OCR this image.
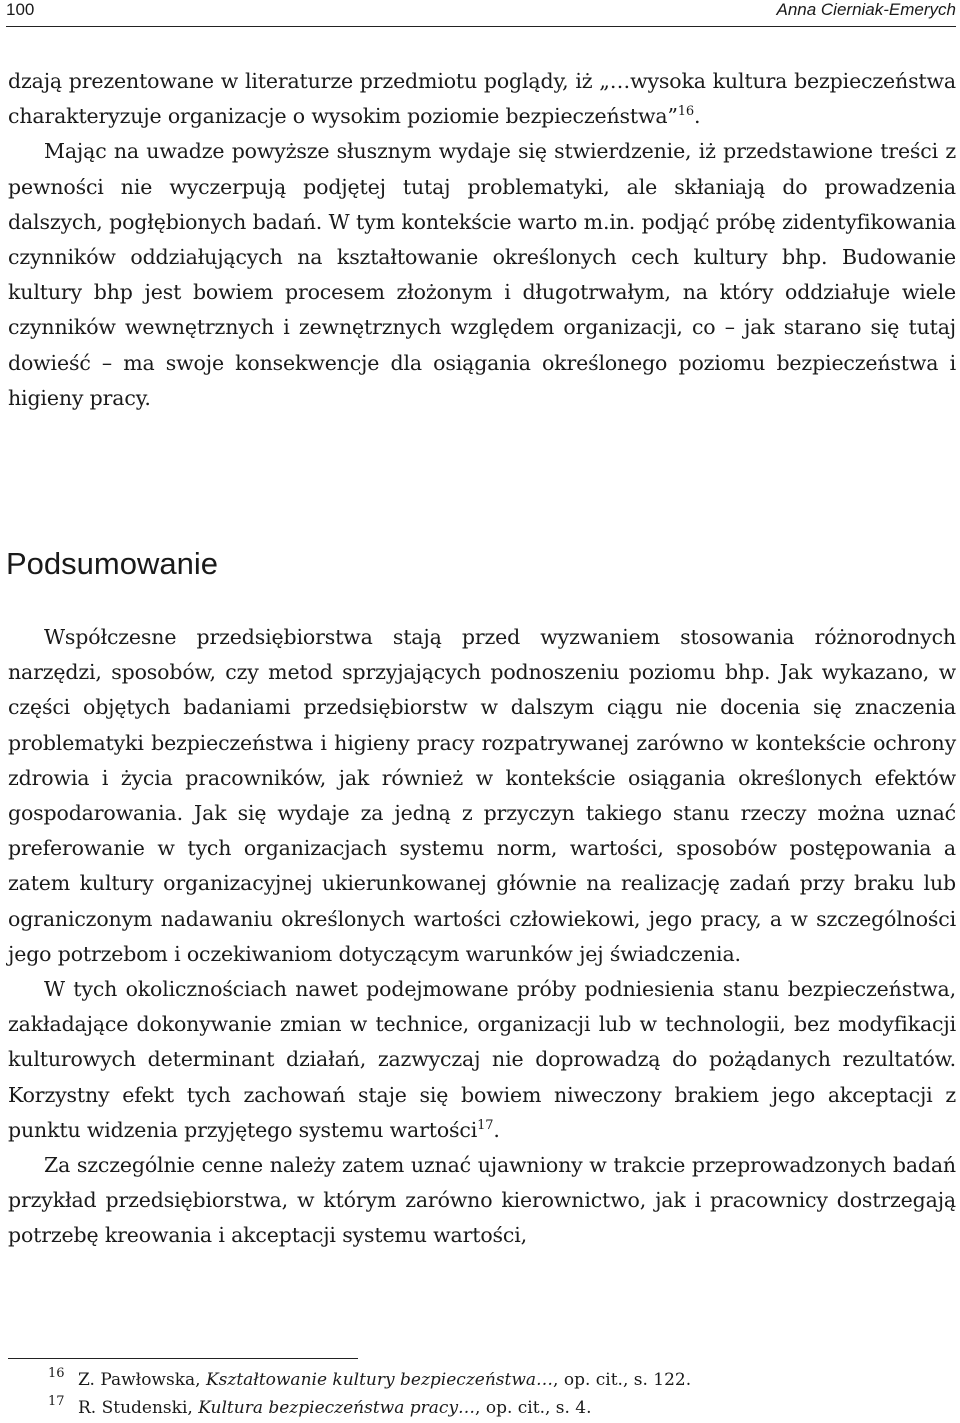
100	Anna Cierniak-Emerych

dzają prezentowane w literaturze przedmiotu poglądy, iż „…wysoka kultura bezpieczeństwa charakteryzuje organizacje o wysokim poziomie bezpieczeństwa”$^{16}$.

Mając na uwadze powyższe słusznym wydaje się stwierdzenie, iż przedstawione treści z pewności nie wyczerpują podjętej tutaj problematyki, ale skłaniają do prowadzenia dalszych, pogłębionych badań. W tym kontekście warto m.in. podjąć próbę zidentyfikowania czynników oddziałujących na kształtowanie określonych cech kultury bhp. Budowanie kultury bhp jest bowiem procesem złożonym i długotrwałym, na który oddziałuje wiele czynników wewnętrznych i zewnętrznych względem organizacji, co – jak starano się tutaj dowieść – ma swoje konsekwencje dla osiągania określonego poziomu bezpieczeństwa i higieny pracy.

Podsumowanie

Współczesne przedsiębiorstwa stają przed wyzwaniem stosowania różnorodnych narzędzi, sposobów, czy metod sprzyjających podnoszeniu poziomu bhp. Jak wykazano, w części objętych badaniami przedsiębiorstw w dalszym ciągu nie docenia się znaczenia problematyki bezpieczeństwa i higieny pracy rozpatrywanej zarówno w kontekście ochrony zdrowia i życia pracowników, jak również w kontekście osiągania określonych efektów gospodarowania. Jak się wydaje za jedną z przyczyn takiego stanu rzeczy można uznać preferowanie w tych organizacjach systemu norm, wartości, sposobów postępowania a zatem kultury organizacyjnej ukierunkowanej głównie na realizację zadań przy braku lub ograniczonym nadawaniu określonych wartości człowiekowi, jego pracy, a w szczególności jego potrzebom i oczekiwaniom dotyczącym warunków jej świadczenia.

W tych okolicznościach nawet podejmowane próby podniesienia stanu bezpieczeństwa, zakładające dokonywanie zmian w technice, organizacji lub w technologii, bez modyfikacji kulturowych determinant działań, zazwyczaj nie doprowadzą do pożądanych rezultatów. Korzystny efekt tych zachowań staje się bowiem niweczony brakiem jego akceptacji z punktu widzenia przyjętego systemu wartości$^{17}$.

Za szczególnie cenne należy zatem uznać ujawniony w trakcie przeprowadzonych badań przykład przedsiębiorstwa, w którym zarówno kierownictwo, jak i pracownicy dostrzegają potrzebę kreowania i akceptacji systemu wartości,

16 Z. Pawłowska, Kształtowanie kultury bezpieczeństwa…, op. cit., s. 122.
17 R. Studenski, Kultura bezpieczeństwa pracy…, op. cit., s. 4.
